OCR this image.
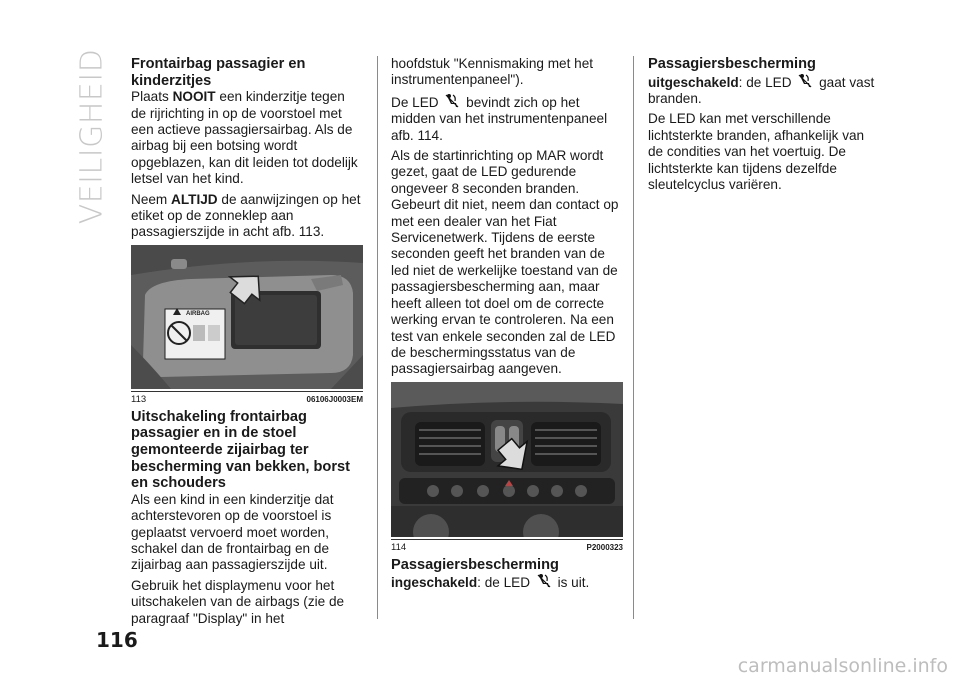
VEILIGHEID Frontairbag passagier en kinderzitjes

Plaats NOOIT een kinderzitje tegen de rijrichting in op de voorstoel met een actieve passagiersairbag. Als de airbag bij een botsing wordt opgeblazen, kan dit leiden tot dodelijk letsel van het kind.

Neem ALTIJD de aanwijzingen op het etiket op de zonneklep aan passagierszijde in acht afb. 113.

AIRBAG
113	06106J0003EM
Uitschakeling frontairbag passagier en in de stoel gemonteerde zijairbag ter bescherming van bekken, borst en schouders

Als een kind in een kinderzitje dat achterstevoren op de voorstoel is geplaatst vervoerd moet worden, schakel dan de frontairbag en de zijairbag aan passagierszijde uit.

Gebruik het displaymenu voor het uitschakelen van de airbags (zie de paragraaf "Display" in het

hoofdstuk "Kennismaking met het instrumentenpaneel").

De LED  bevindt zich op het midden van het instrumentenpaneel afb. 114.

Als de startinrichting op MAR wordt gezet, gaat de LED gedurende ongeveer 8 seconden branden. Gebeurt dit niet, neem dan contact op met een dealer van het Fiat Servicenetwerk. Tijdens de eerste seconden geeft het branden van de led niet de werkelijke toestand van de passagiersbescherming aan, maar heeft alleen tot doel om de correcte werking ervan te controleren. Na een test van enkele seconden zal de LED de beschermingsstatus van de passagiersairbag aangeven.

114	P2000323
Passagiersbescherming

ingeschakeld: de LED  is uit.

Passagiersbescherming

uitgeschakeld: de LED  gaat vast branden.

De LED kan met verschillende lichtsterkte branden, afhankelijk van de condities van het voertuig. De lichtsterkte kan tijdens dezelfde sleutelcyclus variëren.

116
carmanualsonline.info
